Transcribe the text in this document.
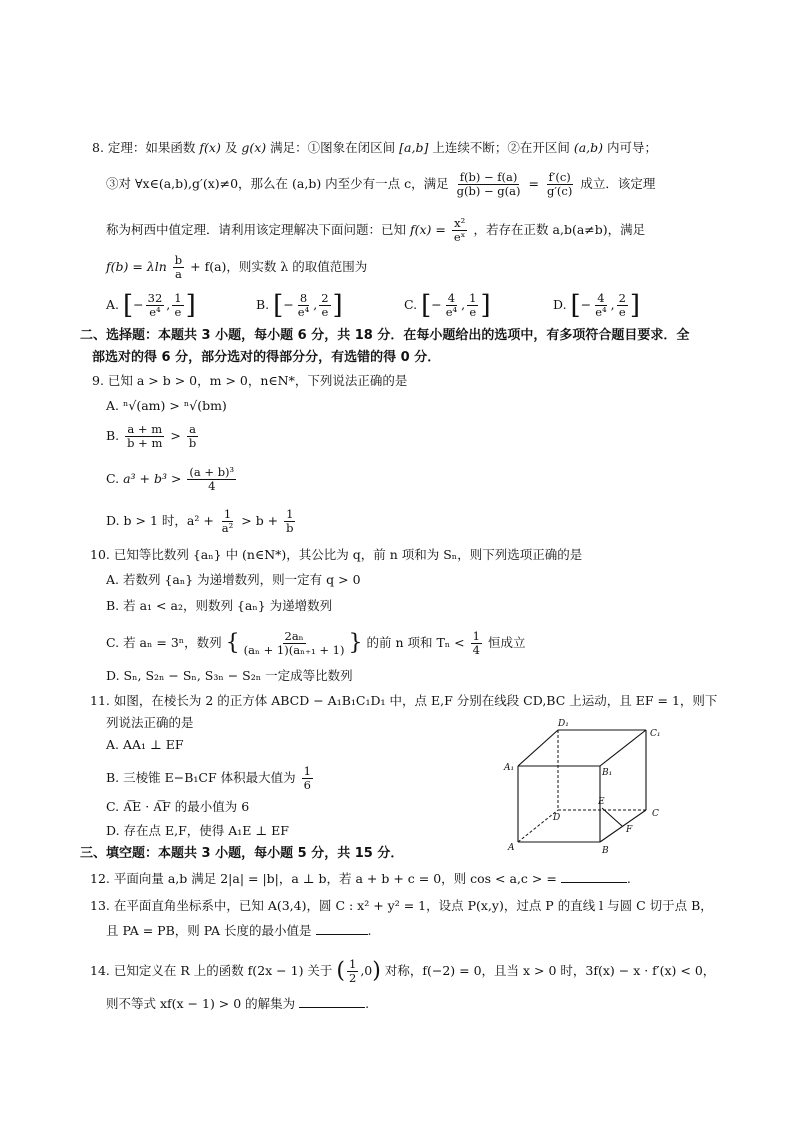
8. 定理：如果函数 f(x) 及 g(x) 满足：①图象在闭区间 [a,b] 上连续不断；②在开区间 (a,b) 内可导；
③对 ∀x∈(a,b),g′(x)≠0，那么在 (a,b) 内至少有一点 c，满足 $\frac{f(b) - f(a)}{g(b) - g(a)} = \frac{f'(c)}{g'(c)}$ 成立．该定理
称为柯西中值定理．请利用该定理解决下面问题：已知 $f(x) = \frac{\text{x²}}{\text{eˣ}}$ ，若存在正数 a,b(a≠b)，满足
f(b) = λln $\frac{b}{a} + f(a)$，则实数 λ 的取值范围为
A. [− $\frac{32}{\text{e⁴}}$ , $\frac{1}{e}$ ]	B. [− $\frac{8}{\text{e⁴}}$ , $\frac{2}{e}$ ]	C. [− $\frac{4}{\text{e⁴}}$ , $\frac{1}{e}$ ]	D. [− $\frac{4}{\text{e⁴}}$ , $\frac{2}{e}$ ]
二、选择题：本题共 3 小题，每小题 6 分，共 18 分．在每小题给出的选项中，有多项符合题目要求．全
部选对的得 6 分，部分选对的得部分分，有选错的得 0 分．
9. 已知 a > b > 0，m > 0，n∈N*，下列说法正确的是
A. ⁿ√(am) > ⁿ√(bm)
B. $\frac{a + m}{b + m} > \frac{a}{b}$
C. $a^3 + b^3 > \frac{\text{(a + b)³}}{4}$
D. b > 1 时，$a^2 + \frac{1}{\text{a²}} > b + \frac{1}{b}$
10. 已知等比数列 {aₙ} 中 (n∈N*)，其公比为 q，前 n 项和为 Sₙ，则下列选项正确的是
A. 若数列 {aₙ} 为递增数列，则一定有 q > 0
B. 若 a₁ < a₂，则数列 {aₙ} 为递增数列
C. 若 aₙ = 3ⁿ，数列 { $\frac{\text{2aₙ}}{\text{(aₙ + 1)(aₙ₊₁ + 1)}}$ } 的前 n 项和 $T_n < \frac{1}{4}$ 恒成立
D. Sₙ, S₂ₙ − Sₙ, S₃ₙ − S₂ₙ 一定成等比数列
11. 如图，在棱长为 2 的正方体 ABCD − A₁B₁C₁D₁ 中，点 E,F 分别在线段 CD,BC 上运动，且 EF = 1，则下
列说法正确的是
A. AA₁ ⊥ EF
B. 三棱锥 E−B₁CF 体积最大值为 $\frac{1}{6}$
C. A͞E · A͞F 的最小值为 6
D. 存在点 E,F，使得 A₁E ⊥ EF
D₁
C₁
A₁	B₁
E
D	C
F
A	B
三、填空题：本题共 3 小题，每小题 5 分，共 15 分．
12. 平面向量 a,b 满足 2|a| = |b|，a ⊥ b，若 a + b + c = 0，则 cos < a,c > =	.
13. 在平面直角坐标系中，已知 A(3,4)，圆 C : x² + y² = 1，设点 P(x,y)，过点 P 的直线 l 与圆 C 切于点 B，
且 PA = PB，则 PA 长度的最小值是	.
14. 已知定义在 R 上的函数 f(2x − 1) 关于 ( $\frac{1}{2} ,0$) 对称，f(−2) = 0，且当 x > 0 时，3f(x) − x · f′(x) < 0，
则不等式 xf(x − 1) > 0 的解集为	.
